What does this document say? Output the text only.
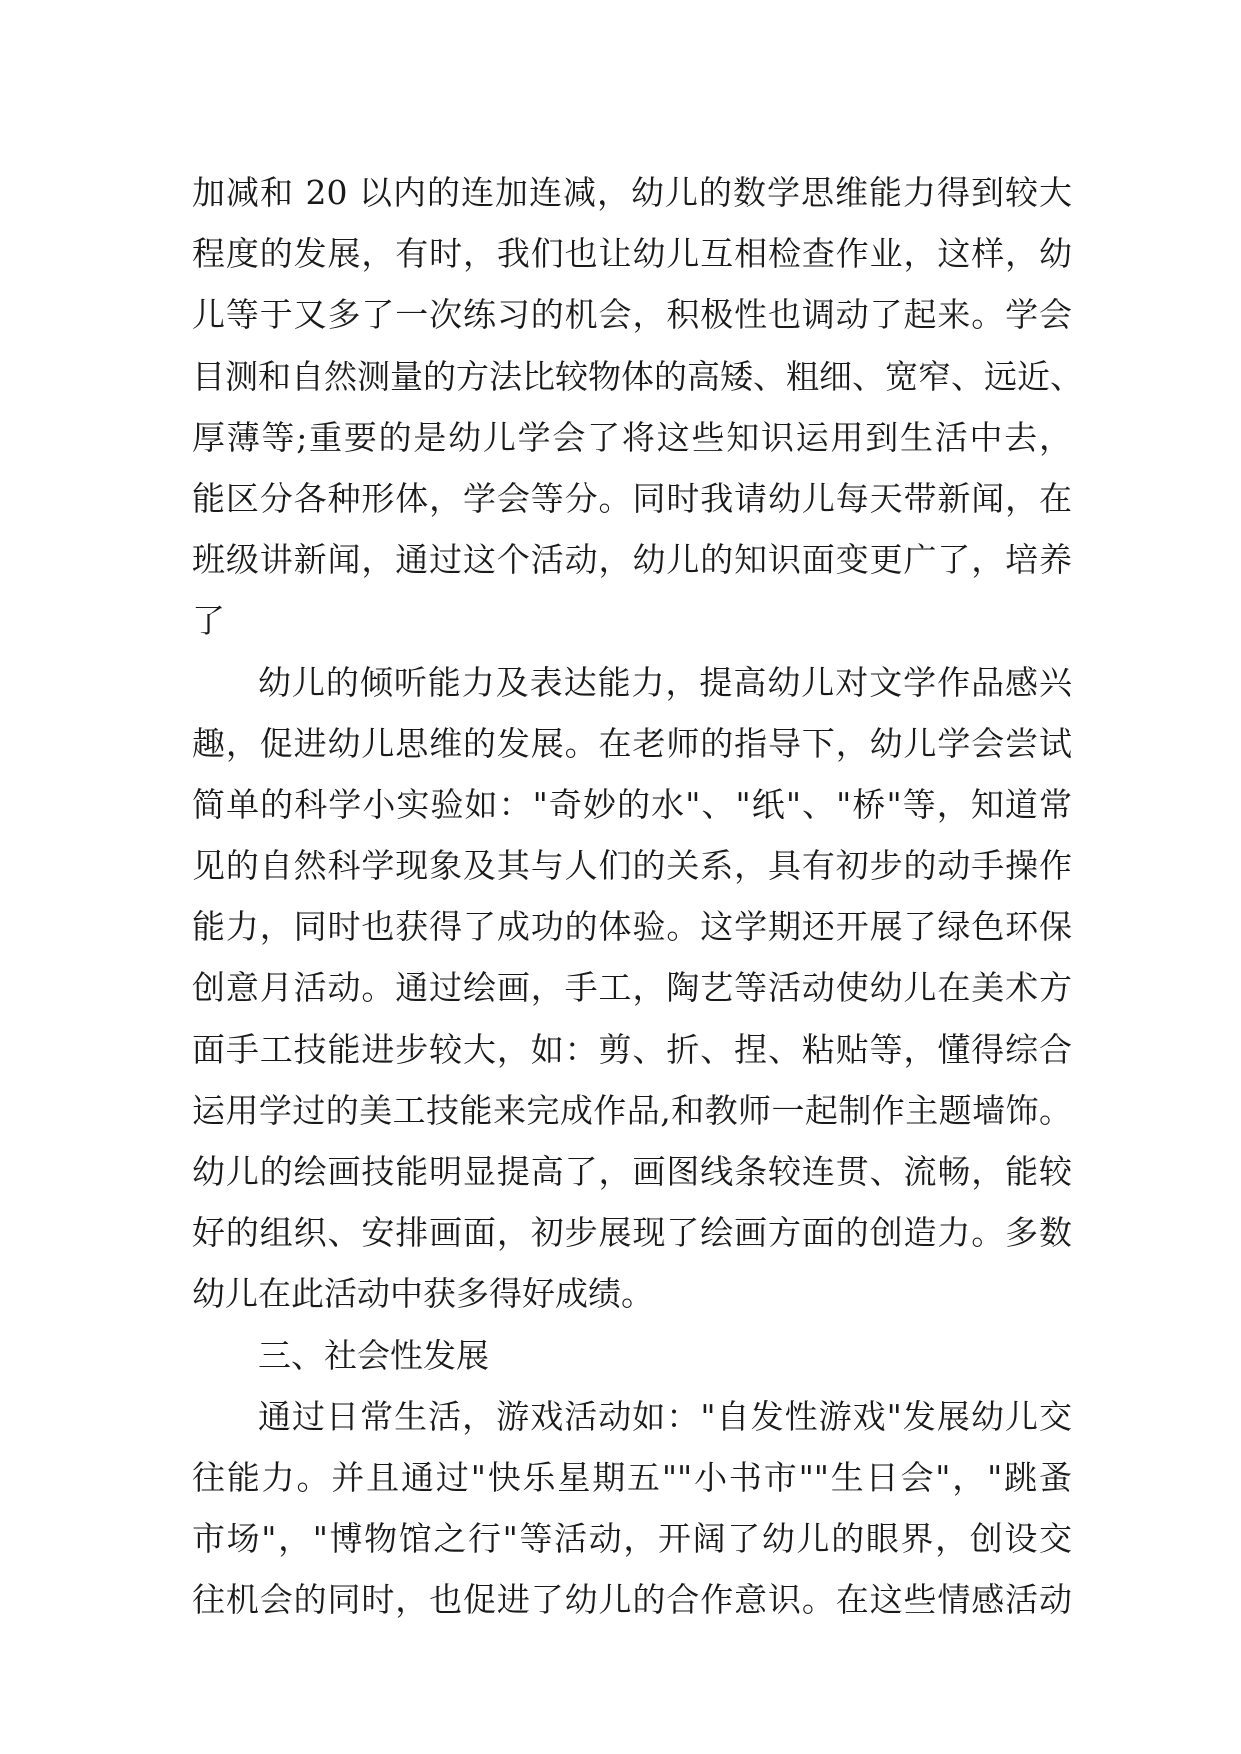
加减和 20 以内的连加连减，幼儿的数学思维能力得到较大
程度的发展，有时，我们也让幼儿互相检查作业，这样，幼
儿等于又多了一次练习的机会，积极性也调动了起来。学会
目测和自然测量的方法比较物体的高矮、粗细、宽窄、远近、
厚薄等;重要的是幼儿学会了将这些知识运用到生活中去，
能区分各种形体，学会等分。同时我请幼儿每天带新闻，在
班级讲新闻，通过这个活动，幼儿的知识面变更广了，培养
了
幼儿的倾听能力及表达能力，提高幼儿对文学作品感兴
趣，促进幼儿思维的发展。在老师的指导下，幼儿学会尝试
简单的科学小实验如："奇妙的水"、"纸"、"桥"等，知道常
见的自然科学现象及其与人们的关系，具有初步的动手操作
能力，同时也获得了成功的体验。这学期还开展了绿色环保
创意月活动。通过绘画，手工，陶艺等活动使幼儿在美术方
面手工技能进步较大，如：剪、折、捏、粘贴等，懂得综合
运用学过的美工技能来完成作品,和教师一起制作主题墙饰。
幼儿的绘画技能明显提高了，画图线条较连贯、流畅，能较
好的组织、安排画面，初步展现了绘画方面的创造力。多数
幼儿在此活动中获多得好成绩。
三、社会性发展
通过日常生活，游戏活动如："自发性游戏"发展幼儿交
往能力。并且通过"快乐星期五""小书市""生日会"，"跳蚤
市场"，"博物馆之行"等活动，开阔了幼儿的眼界，创设交
往机会的同时，也促进了幼儿的合作意识。在这些情感活动
